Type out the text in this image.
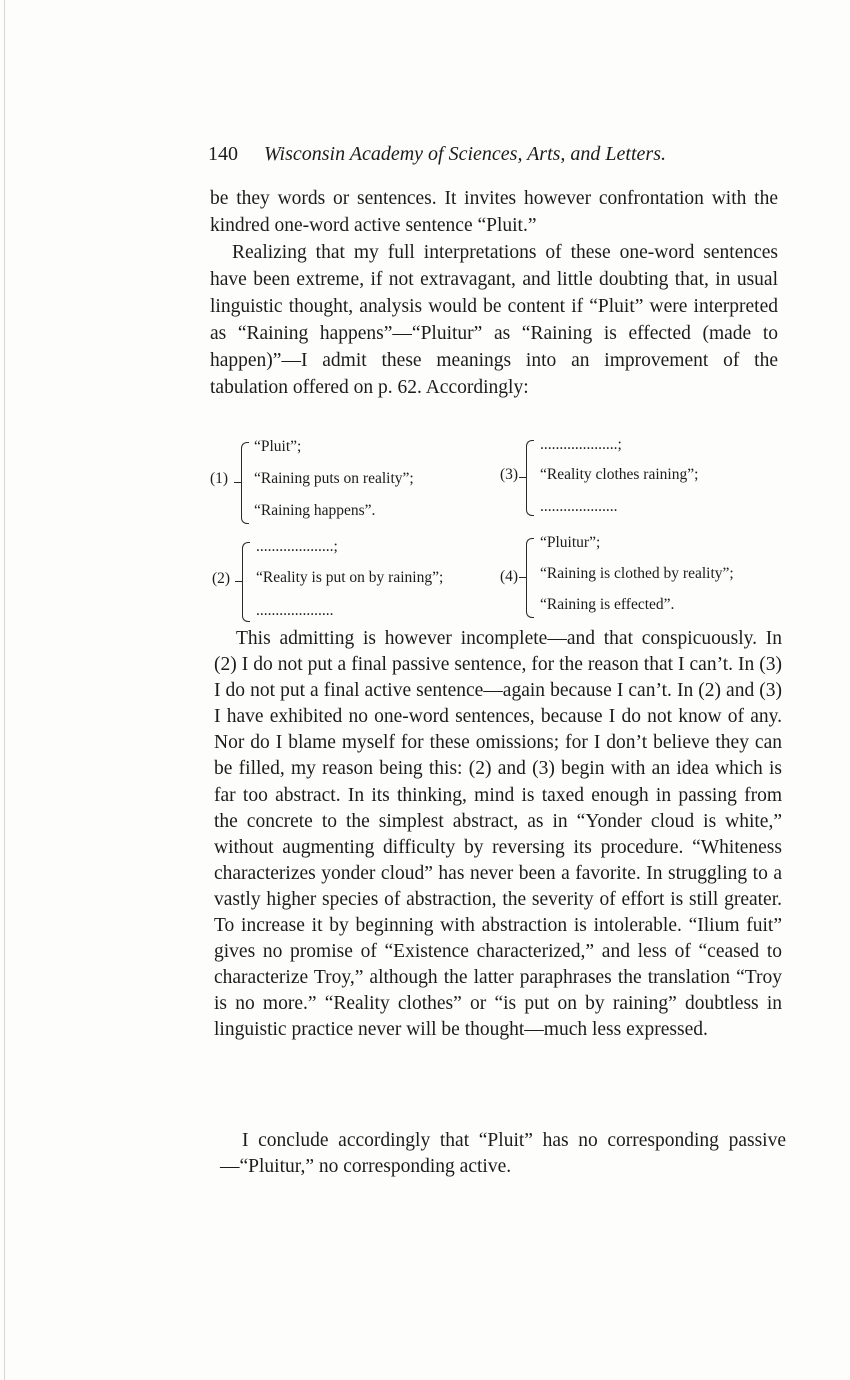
140 Wisconsin Academy of Sciences, Arts, and Letters.

be they words or sentences. It invites however confrontation with the kindred one-word active sentence “Pluit.”

Realizing that my full interpretations of these one-word sentences have been extreme, if not extravagant, and little doubting that, in usual linguistic thought, analysis would be content if “Pluit” were interpreted as “Raining happens”—“Pluitur” as “Raining is effected (made to happen)”—I admit these meanings into an improvement of the tabulation offered on p. 62. Accordingly:

(1)
“Pluit”;
“Raining puts on reality”;
“Raining happens”.
(3)
....................;
“Reality clothes raining”;
....................
(2)
....................;
“Reality is put on by raining”;
....................
(4)
“Pluitur”;
“Raining is clothed by reality”;
“Raining is effected”.

This admitting is however incomplete—and that conspicuously. In (2) I do not put a final passive sentence, for the reason that I can’t. In (3) I do not put a final active sentence—again because I can’t. In (2) and (3) I have exhibited no one-word sentences, because I do not know of any. Nor do I blame myself for these omissions; for I don’t believe they can be filled, my reason being this: (2) and (3) begin with an idea which is far too abstract. In its thinking, mind is taxed enough in passing from the concrete to the simplest abstract, as in “Yonder cloud is white,” without augmenting difficulty by reversing its procedure. “Whiteness characterizes yonder cloud” has never been a favorite. In struggling to a vastly higher species of abstraction, the severity of effort is still greater. To increase it by beginning with abstraction is intolerable. “Ilium fuit” gives no promise of “Existence characterized,” and less of “ceased to characterize Troy,” although the latter paraphrases the translation “Troy is no more.” “Reality clothes” or “is put on by raining” doubtless in linguistic practice never will be thought—much less expressed.

I conclude accordingly that “Pluit” has no corresponding passive—“Pluitur,” no corresponding active.
